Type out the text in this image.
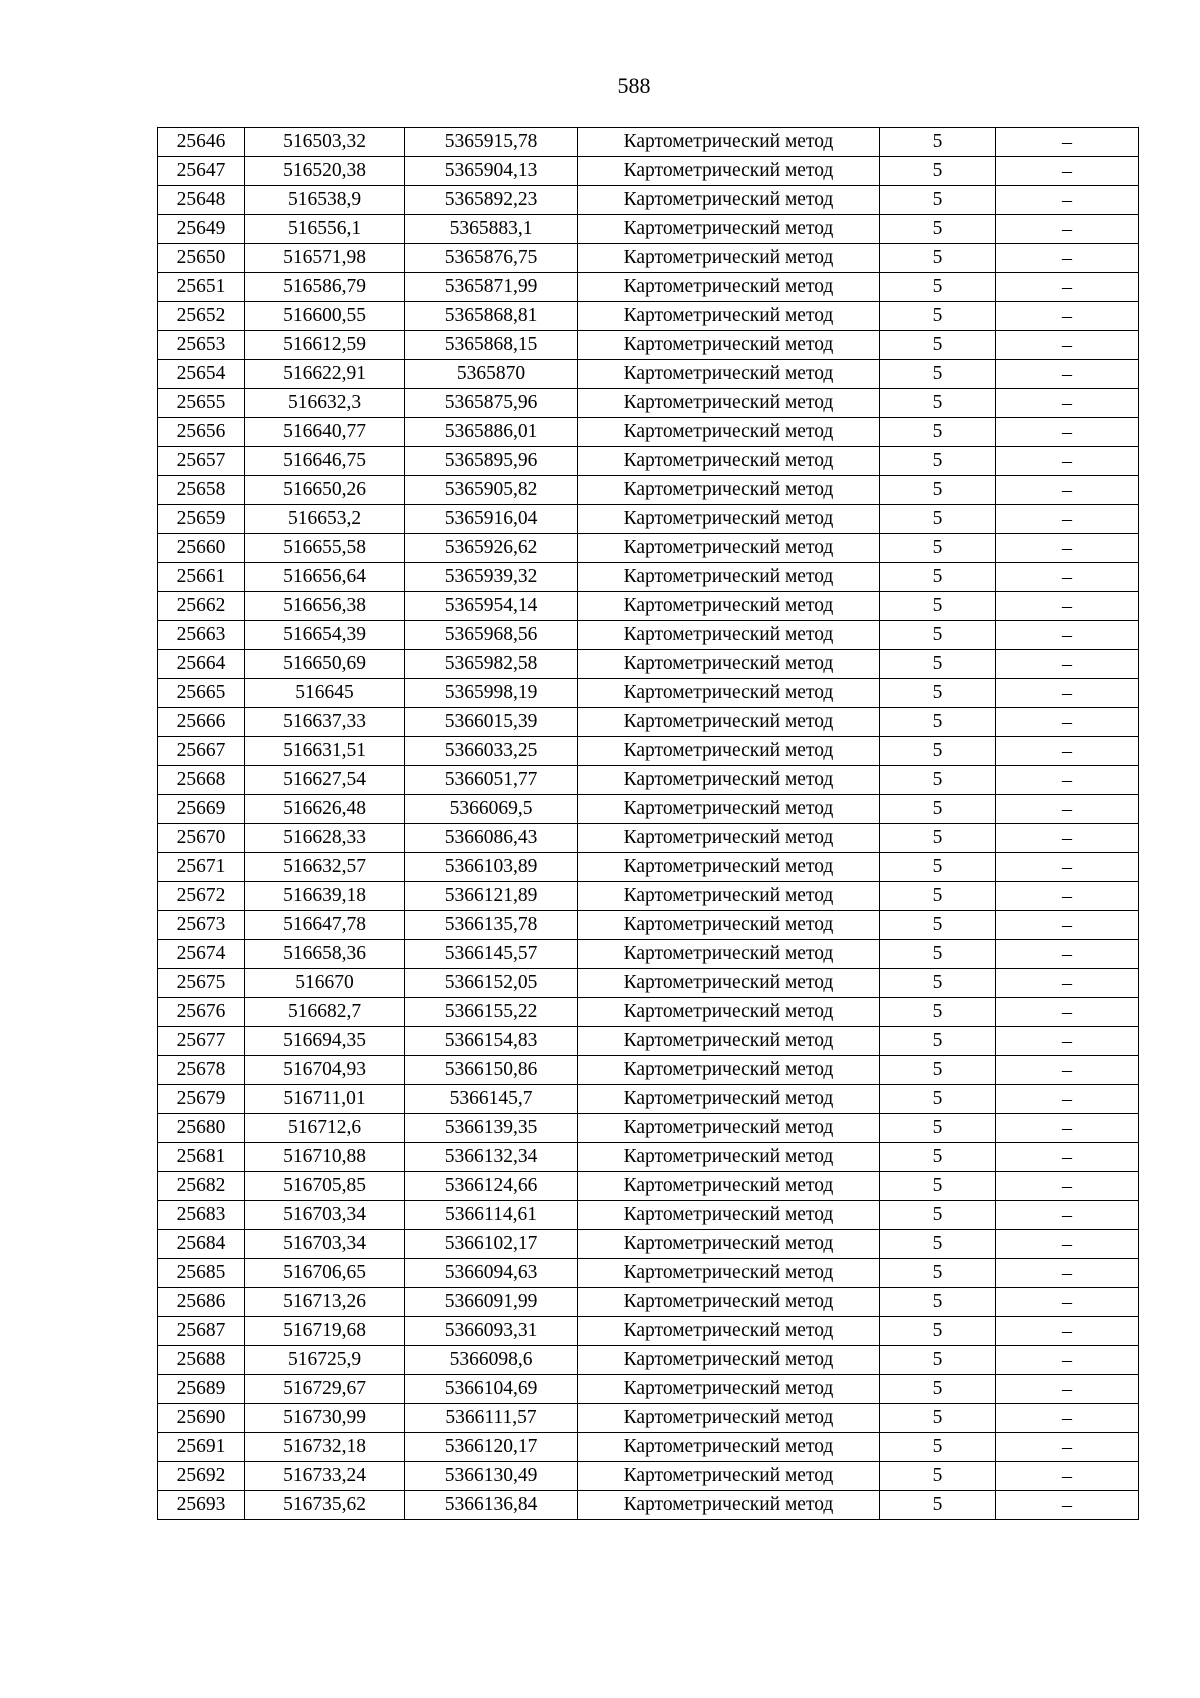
588
25646	516503,32	5365915,78	Картометрический метод	5	–
25647	516520,38	5365904,13	Картометрический метод	5	–
25648	516538,9	5365892,23	Картометрический метод	5	–
25649	516556,1	5365883,1	Картометрический метод	5	–
25650	516571,98	5365876,75	Картометрический метод	5	–
25651	516586,79	5365871,99	Картометрический метод	5	–
25652	516600,55	5365868,81	Картометрический метод	5	–
25653	516612,59	5365868,15	Картометрический метод	5	–
25654	516622,91	5365870	Картометрический метод	5	–
25655	516632,3	5365875,96	Картометрический метод	5	–
25656	516640,77	5365886,01	Картометрический метод	5	–
25657	516646,75	5365895,96	Картометрический метод	5	–
25658	516650,26	5365905,82	Картометрический метод	5	–
25659	516653,2	5365916,04	Картометрический метод	5	–
25660	516655,58	5365926,62	Картометрический метод	5	–
25661	516656,64	5365939,32	Картометрический метод	5	–
25662	516656,38	5365954,14	Картометрический метод	5	–
25663	516654,39	5365968,56	Картометрический метод	5	–
25664	516650,69	5365982,58	Картометрический метод	5	–
25665	516645	5365998,19	Картометрический метод	5	–
25666	516637,33	5366015,39	Картометрический метод	5	–
25667	516631,51	5366033,25	Картометрический метод	5	–
25668	516627,54	5366051,77	Картометрический метод	5	–
25669	516626,48	5366069,5	Картометрический метод	5	–
25670	516628,33	5366086,43	Картометрический метод	5	–
25671	516632,57	5366103,89	Картометрический метод	5	–
25672	516639,18	5366121,89	Картометрический метод	5	–
25673	516647,78	5366135,78	Картометрический метод	5	–
25674	516658,36	5366145,57	Картометрический метод	5	–
25675	516670	5366152,05	Картометрический метод	5	–
25676	516682,7	5366155,22	Картометрический метод	5	–
25677	516694,35	5366154,83	Картометрический метод	5	–
25678	516704,93	5366150,86	Картометрический метод	5	–
25679	516711,01	5366145,7	Картометрический метод	5	–
25680	516712,6	5366139,35	Картометрический метод	5	–
25681	516710,88	5366132,34	Картометрический метод	5	–
25682	516705,85	5366124,66	Картометрический метод	5	–
25683	516703,34	5366114,61	Картометрический метод	5	–
25684	516703,34	5366102,17	Картометрический метод	5	–
25685	516706,65	5366094,63	Картометрический метод	5	–
25686	516713,26	5366091,99	Картометрический метод	5	–
25687	516719,68	5366093,31	Картометрический метод	5	–
25688	516725,9	5366098,6	Картометрический метод	5	–
25689	516729,67	5366104,69	Картометрический метод	5	–
25690	516730,99	5366111,57	Картометрический метод	5	–
25691	516732,18	5366120,17	Картометрический метод	5	–
25692	516733,24	5366130,49	Картометрический метод	5	–
25693	516735,62	5366136,84	Картометрический метод	5	–
